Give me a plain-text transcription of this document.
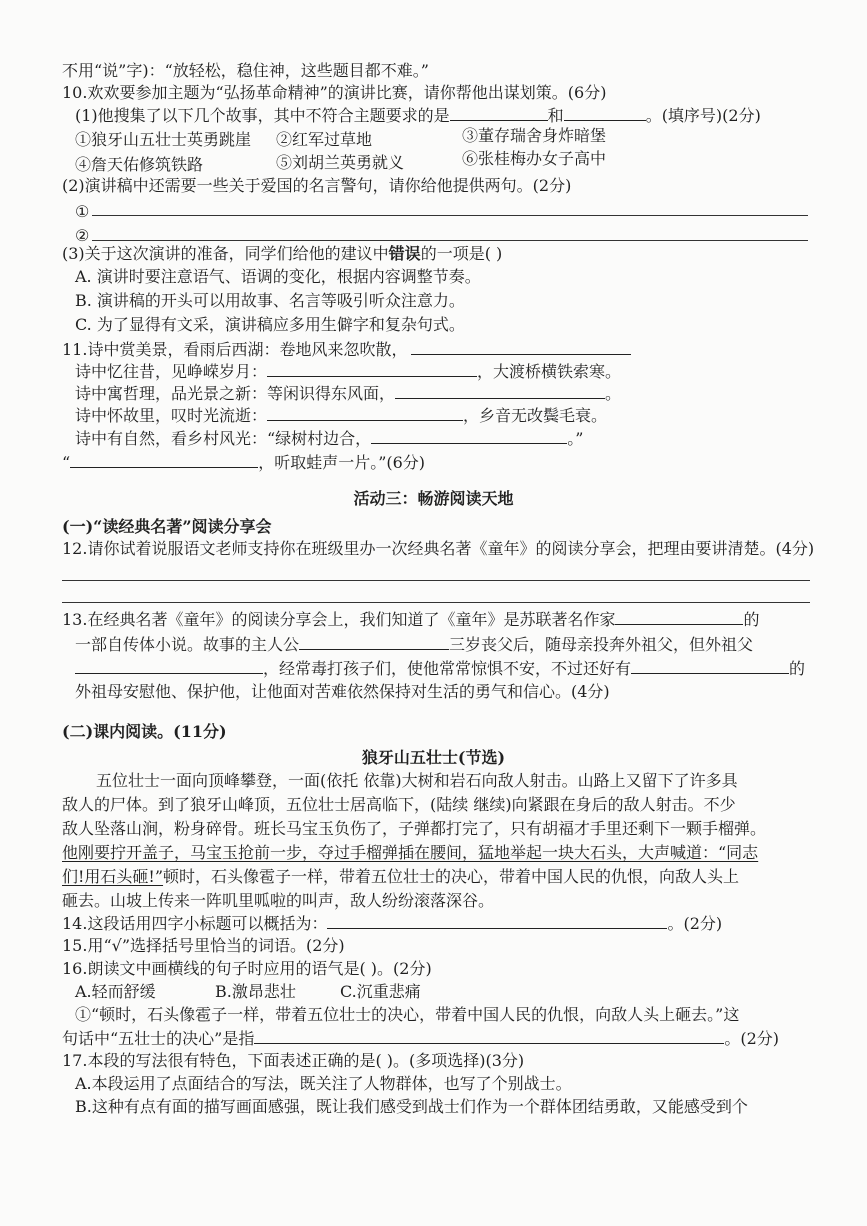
不用“说”字)：“放轻松，稳住神，这些题目都不难。”
10.欢欢要参加主题为“弘扬革命精神”的演讲比赛，请你帮他出谋划策。(6分)
(1)他搜集了以下几个故事，其中不符合主题要求的是	和	。(填序号)(2分)
①狼牙山五壮士英勇跳崖 ②红军过草地	③董存瑞舍身炸暗堡
④詹天佑修筑铁路	⑤刘胡兰英勇就义	⑥张桂梅办女子高中
(2)演讲稿中还需要一些关于爱国的名言警句，请你给他提供两句。(2分)
①
②
(3)关于这次演讲的准备，同学们给他的建议中错误的一项是( )
A. 演讲时要注意语气、语调的变化，根据内容调整节奏。
B. 演讲稿的开头可以用故事、名言等吸引听众注意力。
C. 为了显得有文采，演讲稿应多用生僻字和复杂句式。
11.诗中赏美景，看雨后西湖：卷地风来忽吹散，
诗中忆往昔，见峥嵘岁月：	，大渡桥横铁索寒。
诗中寓哲理，品光景之新：等闲识得东风面，	。
诗中怀故里，叹时光流逝：	，乡音无改鬓毛衰。
诗中有自然，看乡村风光：“绿树村边合，	。”
“	，听取蛙声一片。”(6分)
活动三：畅游阅读天地
(一)“读经典名著”阅读分享会
12.请你试着说服语文老师支持你在班级里办一次经典名著《童年》的阅读分享会，把理由要讲清楚。(4分)
13.在经典名著《童年》的阅读分享会上，我们知道了《童年》是苏联著名作家	的
一部自传体小说。故事的主人公	三岁丧父后，随母亲投奔外祖父，但外祖父
，经常毒打孩子们，使他常常惊惧不安，不过还好有	的
外祖母安慰他、保护他，让他面对苦难依然保持对生活的勇气和信心。(4分)
(二)课内阅读。(11分)
狼牙山五壮士(节选)
五位壮士一面向顶峰攀登，一面(依托 依靠)大树和岩石向敌人射击。山路上又留下了许多具
敌人的尸体。到了狼牙山峰顶，五位壮士居高临下，(陆续 继续)向紧跟在身后的敌人射击。不少
敌人坠落山涧，粉身碎骨。班长马宝玉负伤了，子弹都打完了，只有胡福才手里还剩下一颗手榴弹。
他刚要拧开盖子，马宝玉抢前一步，夺过手榴弹插在腰间，猛地举起一块大石头，大声喊道：“同志
们!用石头砸!”顿时，石头像雹子一样，带着五位壮士的决心，带着中国人民的仇恨，向敌人头上
砸去。山坡上传来一阵叽里呱啦的叫声，敌人纷纷滚落深谷。
14.这段话用四字小标题可以概括为：	。(2分)
15.用“√”选择括号里恰当的词语。(2分)
16.朗读文中画横线的句子时应用的语气是( )。(2分)
A.轻而舒缓	B.激昂悲壮	C.沉重悲痛
①“顿时，石头像雹子一样，带着五位壮士的决心，带着中国人民的仇恨，向敌人头上砸去。”这
句话中“五壮士的决心”是指	。(2分)
17.本段的写法很有特色，下面表述正确的是( )。(多项选择)(3分)
A.本段运用了点面结合的写法，既关注了人物群体，也写了个别战士。
B.这种有点有面的描写画面感强，既让我们感受到战士们作为一个群体团结勇敢，又能感受到个
